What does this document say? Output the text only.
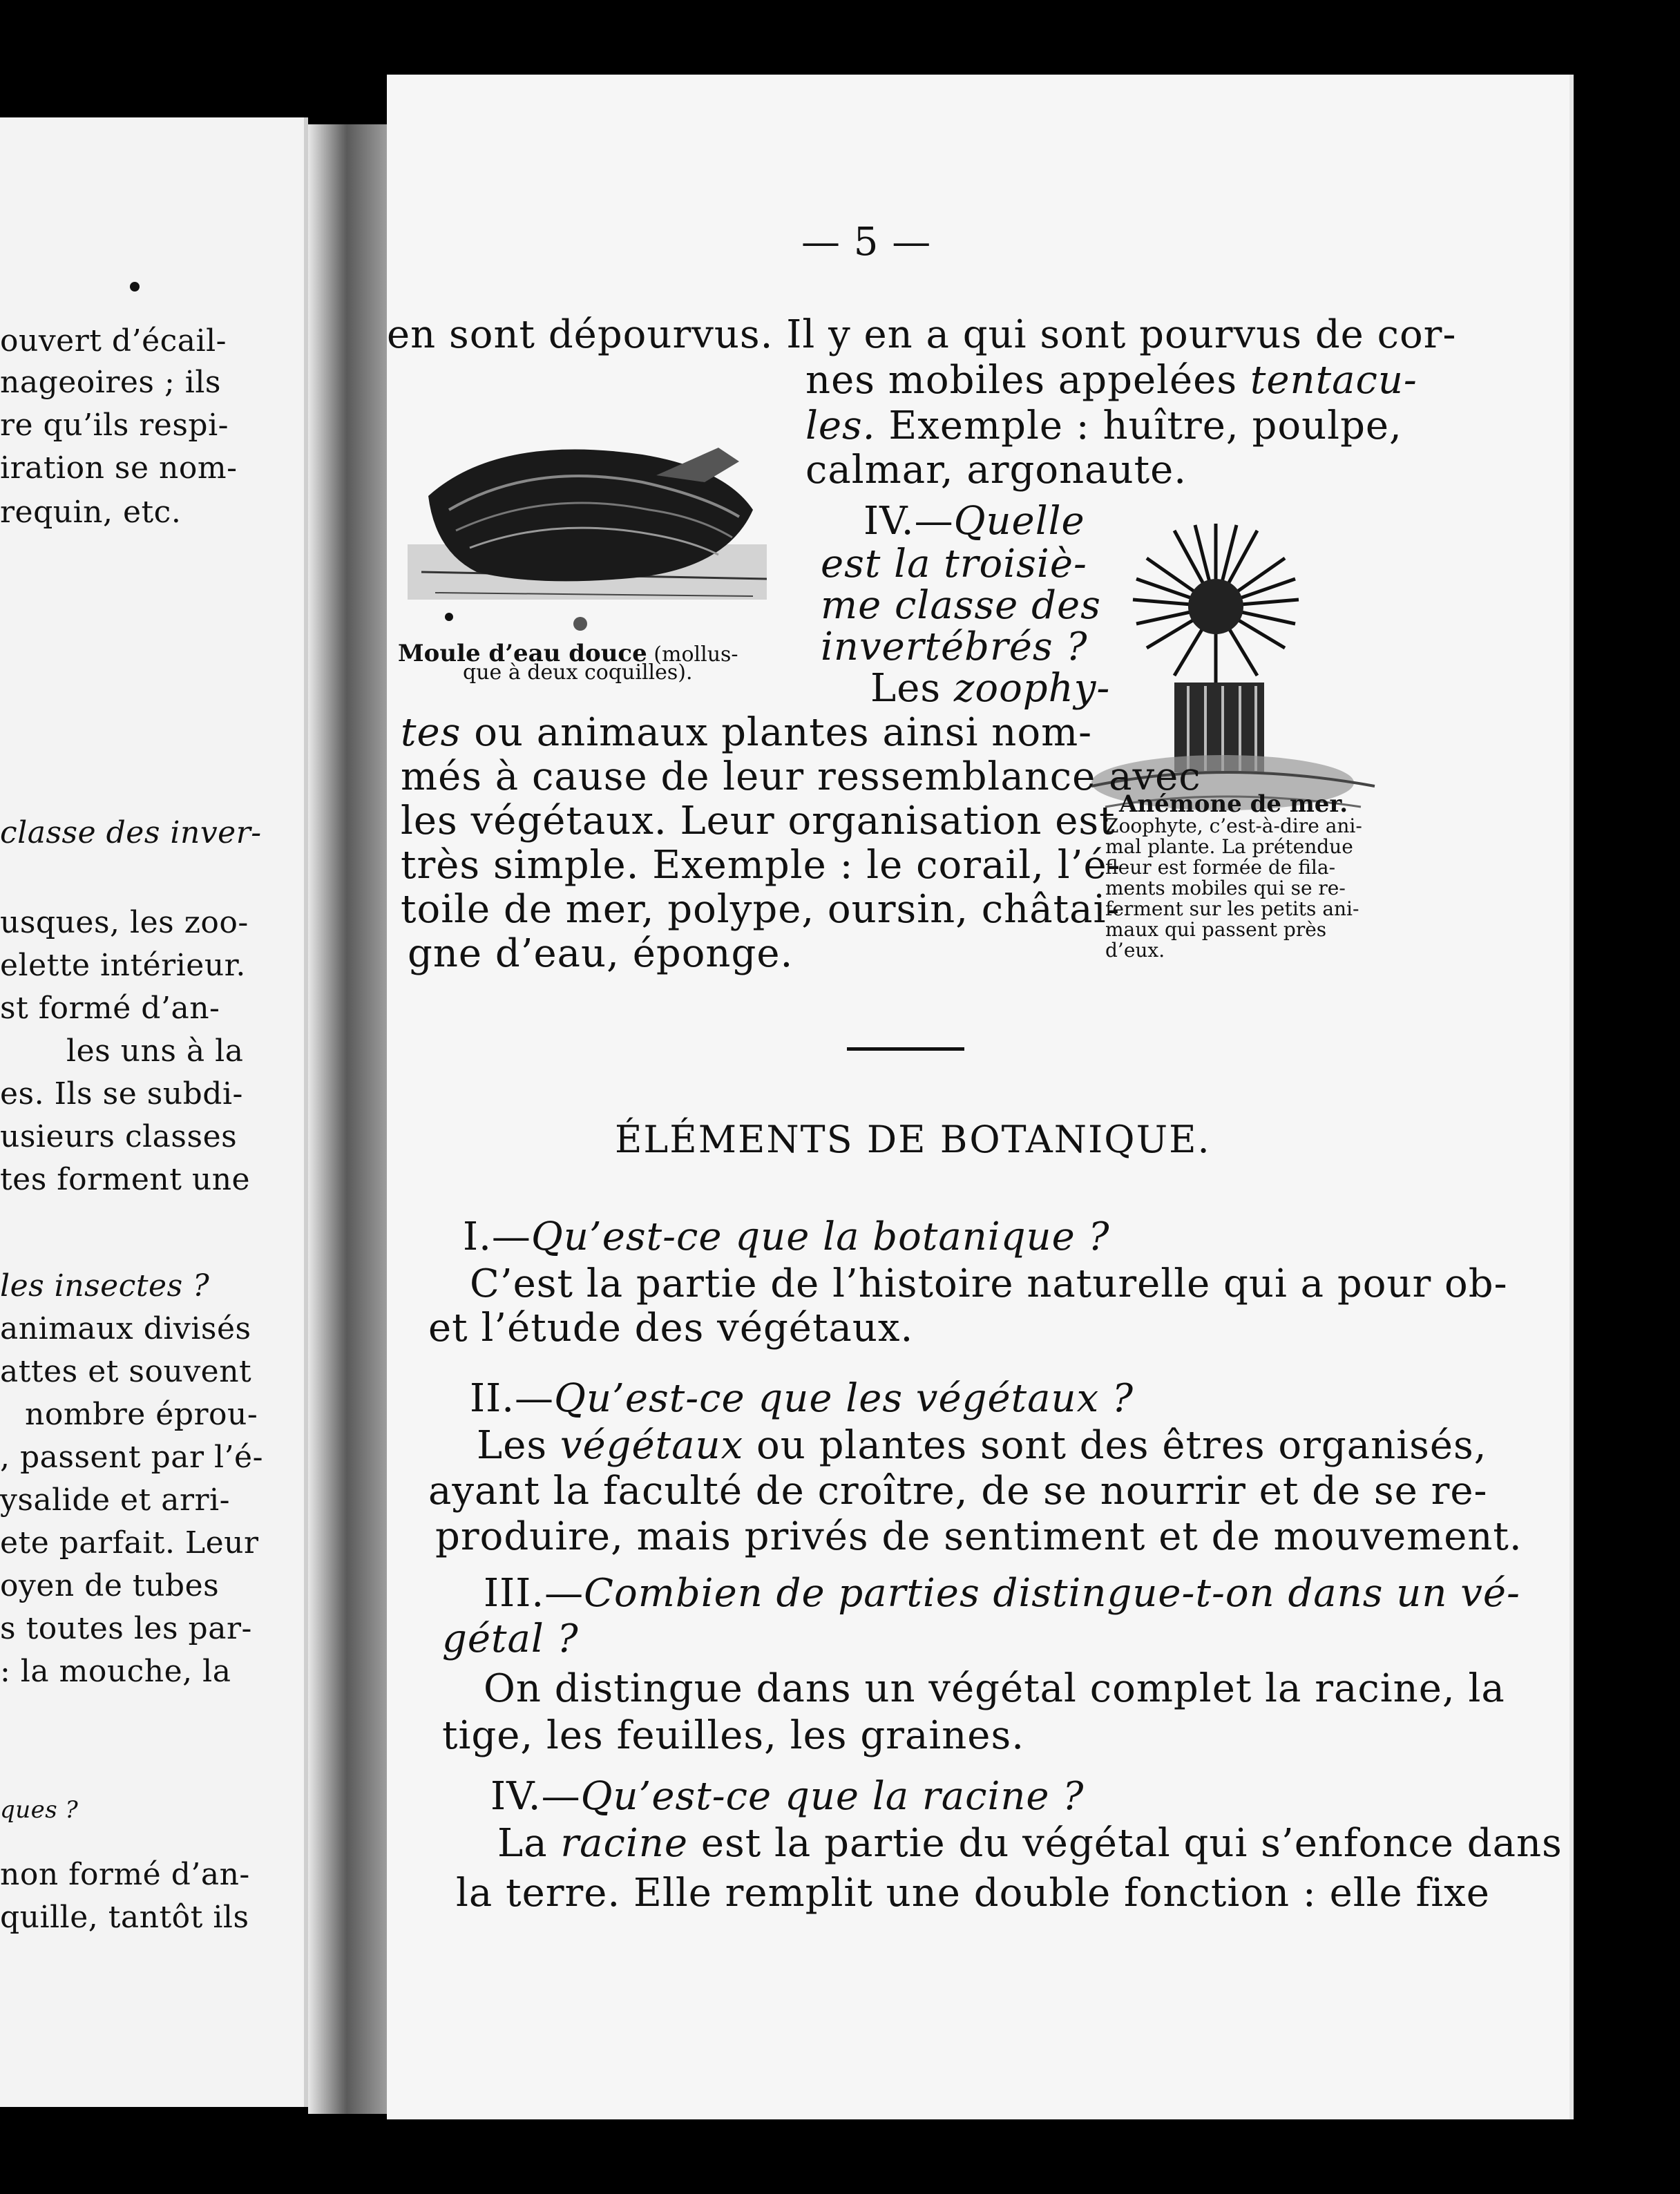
ouvert d’écail-
nageoires ; ils
re qu’ils respi-
iration se nom-
requin, etc.
classe des inver-
usques, les zoo-
elette intérieur.
st formé d’an-
les uns à la
es. Ils se subdi-
usieurs classes
tes forment une
les insectes ?
animaux divisés
attes et souvent
nombre éprou-
, passent par l’é-
ysalide et arri-
ete parfait. Leur
oyen de tubes
s toutes les par-
: la mouche, la
ques ?
non formé d’an-
quille, tantôt ils
— 5 —
en sont dépourvus. Il y en a qui sont pourvus de cor-
nes mobiles appelées tentacu-
les. Exemple : huître, poulpe,
calmar, argonaute.
Moule d’eau douce (mollus-
que à deux coquilles).
IV.—Quelle
est la troisiè-
me classe des
invertébrés ?
Anémone de mer.
Zoophyte, c’est-à-dire ani-
mal plante. La prétendue
fleur est formée de fila-
ments mobiles qui se re-
ferment sur les petits ani-
maux qui passent près
d’eux.
Les zoophy-
tes ou animaux plantes ainsi nom-
més à cause de leur ressemblance avec
les végétaux. Leur organisation est
très simple. Exemple : le corail, l’é-
toile de mer, polype, oursin, châtai-
gne d’eau, éponge.
ÉLÉMENTS DE BOTANIQUE.
I.—Qu’est-ce que la botanique ?
C’est la partie de l’histoire naturelle qui a pour ob-
et l’étude des végétaux.
II.—Qu’est-ce que les végétaux ?
Les végétaux ou plantes sont des êtres organisés,
ayant la faculté de croître, de se nourrir et de se re-
produire, mais privés de sentiment et de mouvement.
III.—Combien de parties distingue-t-on dans un vé-
gétal ?
On distingue dans un végétal complet la racine, la
tige, les feuilles, les graines.
IV.—Qu’est-ce que la racine ?
La racine est la partie du végétal qui s’enfonce dans
la terre. Elle remplit une double fonction : elle fixe
